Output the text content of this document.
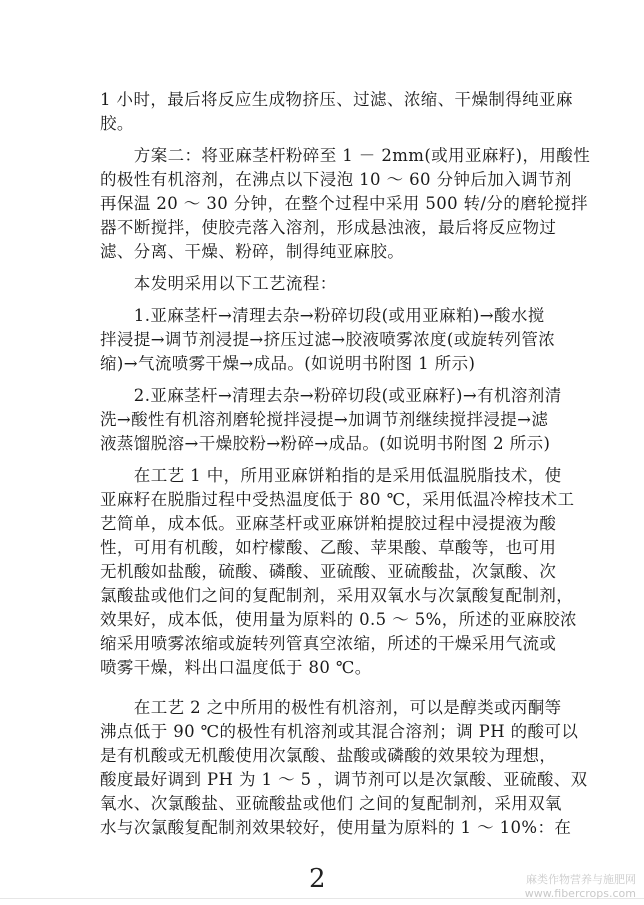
1 小时，最后将反应生成物挤压、过滤、浓缩、干燥制得纯亚麻
胶。
　　方案二：将亚麻茎杆粉碎至 1 － 2mm(或用亚麻籽)，用酸性
的极性有机溶剂，在沸点以下浸泡 10 ～ 60 分钟后加入调节剂
再保温 20 ～ 30 分钟，在整个过程中采用 500 转/分的磨轮搅拌
器不断搅拌，使胶壳落入溶剂，形成悬浊液，最后将反应物过
滤、分离、干燥、粉碎，制得纯亚麻胶。
　　本发明采用以下工艺流程：
　　1.亚麻茎杆→清理去杂→粉碎切段(或用亚麻粕)→酸水搅
拌浸提→调节剂浸提→挤压过滤→胶液喷雾浓度(或旋转列管浓
缩)→气流喷雾干燥→成品。(如说明书附图 1 所示)
　　2.亚麻茎杆→清理去杂→粉碎切段(或亚麻籽)→有机溶剂清
洗→酸性有机溶剂磨轮搅拌浸提→加调节剂继续搅拌浸提→滤
液蒸馏脱溶→干燥胶粉→粉碎→成品。(如说明书附图 2 所示)
　　在工艺 1 中，所用亚麻饼粕指的是采用低温脱脂技术，使
亚麻籽在脱脂过程中受热温度低于 80 ℃，采用低温冷榨技术工
艺简单，成本低。亚麻茎杆或亚麻饼粕提胶过程中浸提液为酸
性，可用有机酸，如柠檬酸、乙酸、苹果酸、草酸等，也可用
无机酸如盐酸，硫酸、磷酸、亚硫酸、亚硫酸盐，次氯酸、次
氯酸盐或他们之间的复配制剂，采用双氧水与次氯酸复配制剂，
效果好，成本低，使用量为原料的 0.5 ～ 5%，所述的亚麻胶浓
缩采用喷雾浓缩或旋转列管真空浓缩，所述的干燥采用气流或
喷雾干燥，料出口温度低于 80 ℃。
　　在工艺 2 之中所用的极性有机溶剂，可以是醇类或丙酮等
沸点低于 90 ℃的极性有机溶剂或其混合溶剂；调 PH 的酸可以
是有机酸或无机酸使用次氯酸、盐酸或磷酸的效果较为理想，
酸度最好调到 PH 为 1 ～ 5 ，调节剂可以是次氯酸、亚硫酸、双
氧水、次氯酸盐、亚硫酸盐或他们 之间的复配制剂，采用双氧
水与次氯酸复配制剂效果较好，使用量为原料的 1 ～ 10%：在
2	麻类作物营养与施肥网
www.fibercrops.com
